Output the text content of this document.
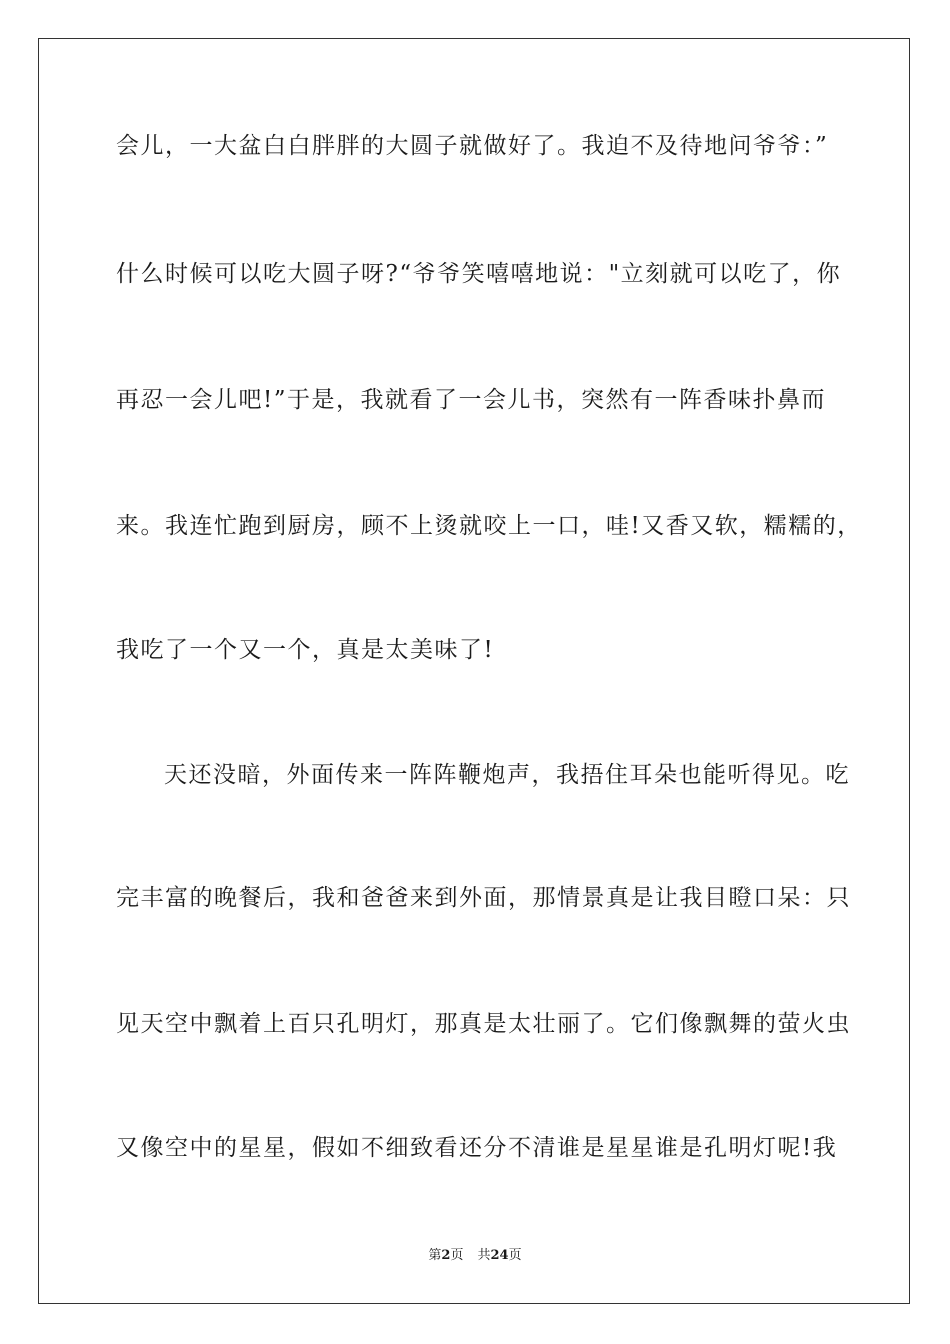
会儿，一大盆白白胖胖的大圆子就做好了。我迫不及待地问爷爷：”
什么时候可以吃大圆子呀?“爷爷笑嘻嘻地说："立刻就可以吃了，你
再忍一会儿吧!”于是，我就看了一会儿书，突然有一阵香味扑鼻而
来。我连忙跑到厨房，顾不上烫就咬上一口，哇!又香又软，糯糯的，
我吃了一个又一个，真是太美味了!
天还没暗，外面传来一阵阵鞭炮声，我捂住耳朵也能听得见。吃
完丰富的晚餐后，我和爸爸来到外面，那情景真是让我目瞪口呆：只
见天空中飘着上百只孔明灯，那真是太壮丽了。它们像飘舞的萤火虫
又像空中的星星，假如不细致看还分不清谁是星星谁是孔明灯呢!我
第2页 共24页
